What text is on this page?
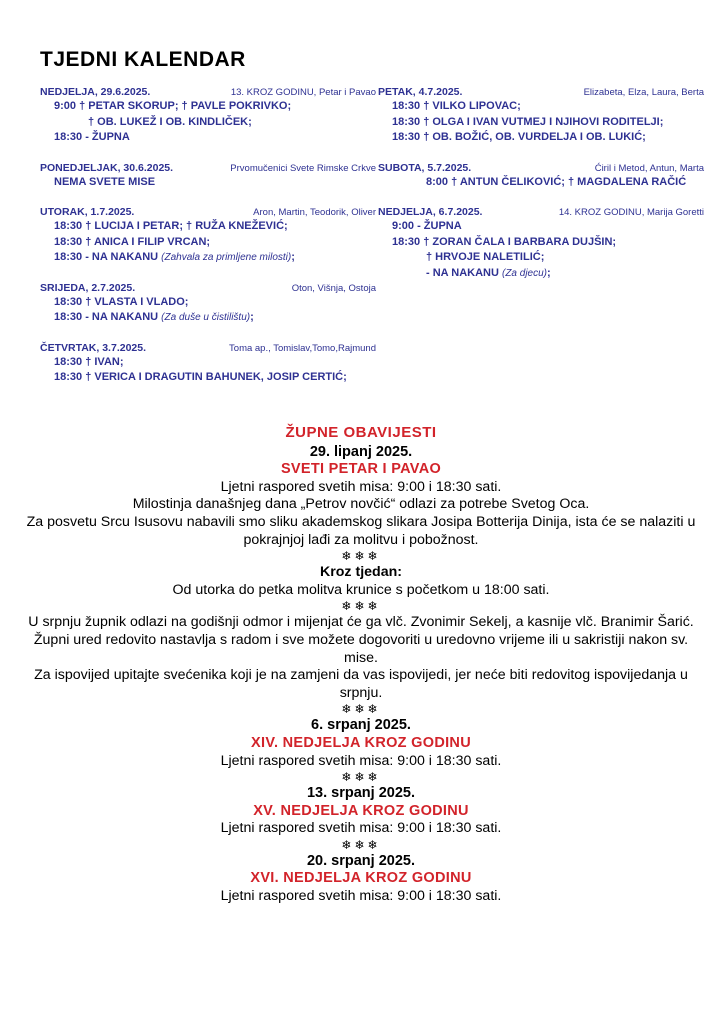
TJEDNI KALENDAR
NEDJELJA, 29.6.2025.	13. KROZ GODINU, Petar i Pavao
9:00 † PETAR SKORUP; † PAVLE POKRIVKO;
† OB. LUKEŽ I OB. KINDLIČEK;
18:30 - ŽUPNA
PONEDJELJAK, 30.6.2025.	Prvomučenici Svete Rimske Crkve
NEMA SVETE MISE
UTORAK, 1.7.2025.	Aron, Martin, Teodorik, Oliver
18:30 † LUCIJA I PETAR; † RUŽA KNEŽEVIĆ;
18:30 † ANICA I FILIP VRCAN;
18:30 - NA NAKANU (Zahvala za primljene milosti);
SRIJEDA, 2.7.2025.	Oton, Višnja, Ostoja
18:30 † VLASTA I VLADO;
18:30 - NA NAKANU (Za duše u čistilištu);
ČETVRTAK, 3.7.2025.	Toma ap., Tomislav,Tomo,Rajmund
18:30 † IVAN;
18:30 † VERICA I DRAGUTIN BAHUNEK, JOSIP CERTIĆ;
PETAK, 4.7.2025.	Elizabeta, Elza, Laura, Berta
18:30 † VILKO LIPOVAC;
18:30 † OLGA I IVAN VUTMEJ I NJIHOVI RODITELJI;
18:30 † OB. BOŽIĆ, OB. VURDELJA I OB. LUKIĆ;
SUBOTA, 5.7.2025.	Ćiril i Metod, Antun, Marta
8:00 † ANTUN ČELIKOVIĆ; † MAGDALENA RAČIĆ
NEDJELJA, 6.7.2025.	14. KROZ GODINU, Marija Goretti
9:00 - ŽUPNA
18:30 † ZORAN ČALA I BARBARA DUJŠIN;
† HRVOJE NALETILIĆ;
- NA NAKANU (Za djecu);
ŽUPNE OBAVIJESTI
29. lipanj 2025.
SVETI PETAR I PAVAO
Ljetni raspored svetih misa: 9:00 i 18:30 sati.
Milostinja današnjeg dana „Petrov novčić“ odlazi za potrebe Svetog Oca.
Za posvetu Srcu Isusovu nabavili smo sliku akademskog slikara Josipa Botterija Dinija, ista će se nalaziti u pokrajnjoj lađi za molitvu i pobožnost.
❄❄❄
Kroz tjedan:
Od utorka do petka molitva krunice s početkom u 18:00 sati.
❄❄❄
U srpnju župnik odlazi na godišnji odmor i mijenjat će ga vlč. Zvonimir Sekelj, a kasnije vlč. Branimir Šarić. Župni ured redovito nastavlja s radom i sve možete dogovoriti u uredovno vrijeme ili u sakristiji nakon sv. mise.
Za ispovijed upitajte svećenika koji je na zamjeni da vas ispovijedi, jer neće biti redovitog ispovijedanja u srpnju.
❄❄❄
6. srpanj 2025.
XIV. NEDJELJA KROZ GODINU
Ljetni raspored svetih misa: 9:00 i 18:30 sati.
❄❄❄
13. srpanj 2025.
XV. NEDJELJA KROZ GODINU
Ljetni raspored svetih misa: 9:00 i 18:30 sati.
❄❄❄
20. srpanj 2025.
XVI. NEDJELJA KROZ GODINU
Ljetni raspored svetih misa: 9:00 i 18:30 sati.
